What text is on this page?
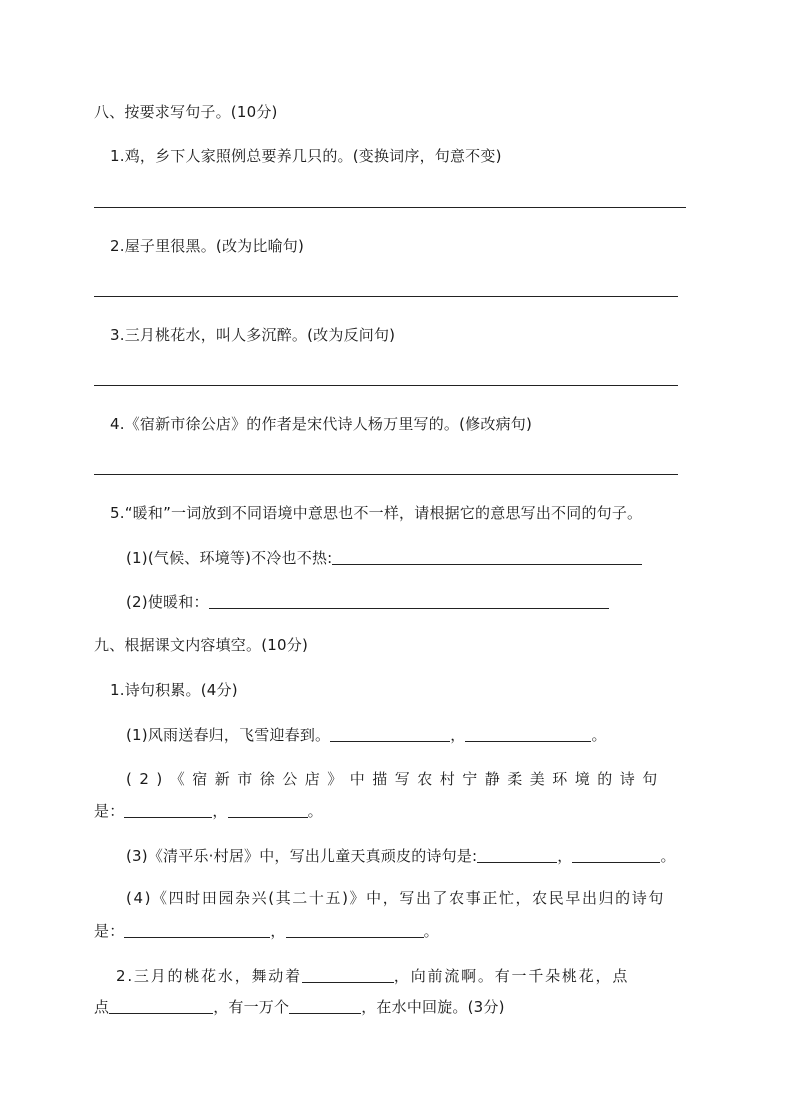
八、按要求写句子。(10分)
1.鸡，乡下人家照例总要养几只的。(变换词序，句意不变)
2.屋子里很黑。(改为比喻句)
3.三月桃花水，叫人多沉醉。(改为反问句)
4.《宿新市徐公店》的作者是宋代诗人杨万里写的。(修改病句)
5.“暖和”一词放到不同语境中意思也不一样，请根据它的意思写出不同的句子。
(1)(气候、环境等)不冷也不热:
(2)使暖和：
九、根据课文内容填空。(10分)
1.诗句积累。(4分)
(1)风雨送春归，飞雪迎春到。	，	。
(2)《宿新市徐公店》中描写农村宁静柔美环境的诗句
是：	，	。
(3)《清平乐·村居》中，写出儿童天真顽皮的诗句是:	，	。
(4)《四时田园杂兴(其二十五)》中，写出了农事正忙，农民早出归的诗句
是：	，	。
2.三月的桃花水，舞动着	，向前流啊。有一千朵桃花，点
点	，有一万个	，在水中回旋。(3分)
